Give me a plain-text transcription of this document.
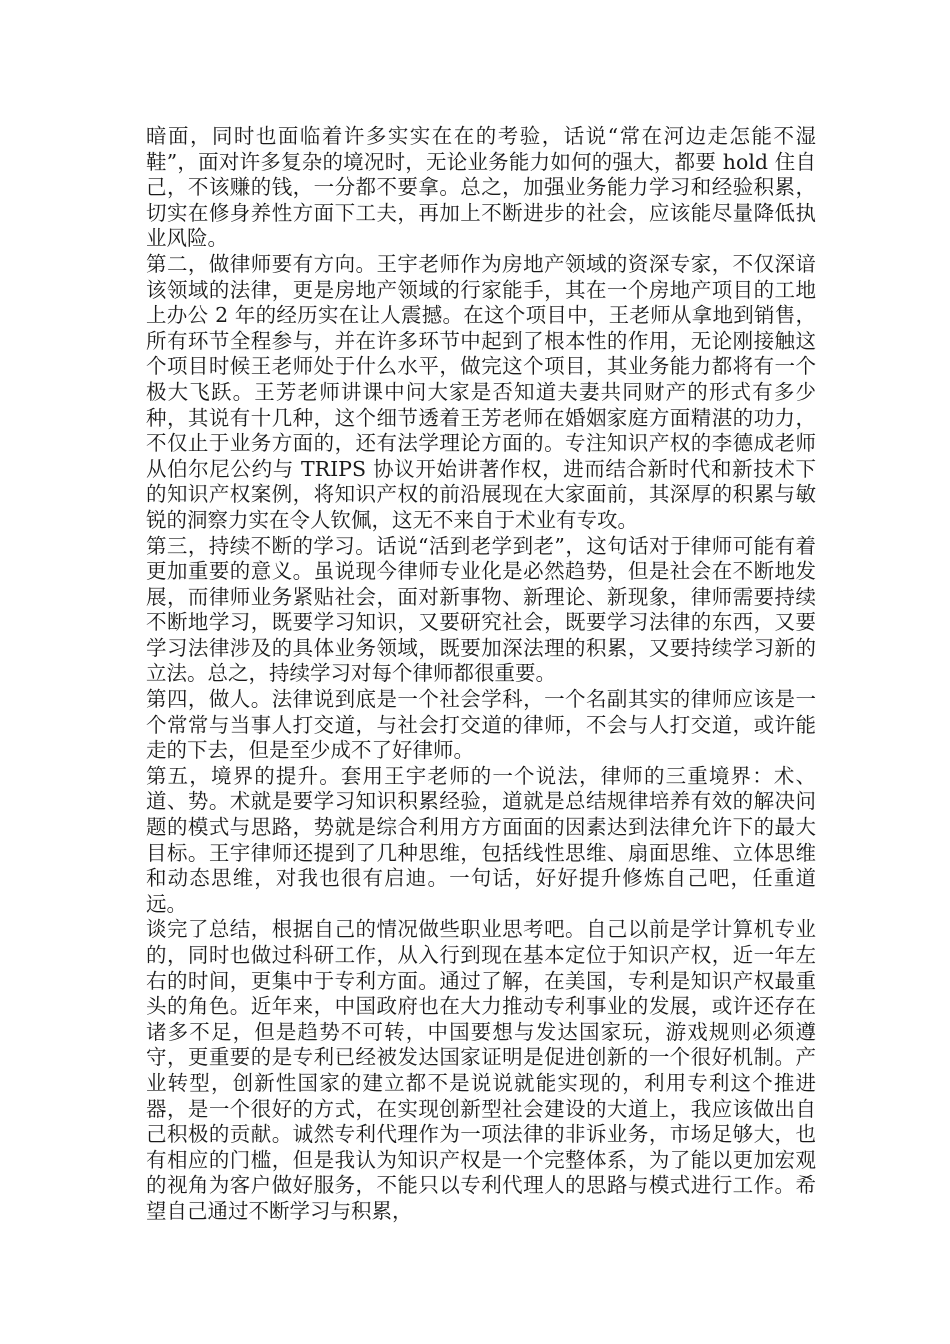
暗面，同时也面临着许多实实在在的考验，话说“常在河边走怎能不湿鞋”，面对许多复杂的境况时，无论业务能力如何的强大，都要 hold 住自己，不该赚的钱，一分都不要拿。总之，加强业务能力学习和经验积累，切实在修身养性方面下工夫，再加上不断进步的社会，应该能尽量降低执业风险。

第二，做律师要有方向。王宇老师作为房地产领域的资深专家，不仅深谙该领域的法律，更是房地产领域的行家能手，其在一个房地产项目的工地上办公 2 年的经历实在让人震撼。在这个项目中，王老师从拿地到销售，所有环节全程参与，并在许多环节中起到了根本性的作用，无论刚接触这个项目时候王老师处于什么水平，做完这个项目，其业务能力都将有一个极大飞跃。王芳老师讲课中问大家是否知道夫妻共同财产的形式有多少种，其说有十几种，这个细节透着王芳老师在婚姻家庭方面精湛的功力，不仅止于业务方面的，还有法学理论方面的。专注知识产权的李德成老师从伯尔尼公约与 TRIPS 协议开始讲著作权，进而结合新时代和新技术下的知识产权案例，将知识产权的前沿展现在大家面前，其深厚的积累与敏锐的洞察力实在令人钦佩，这无不来自于术业有专攻。

第三，持续不断的学习。话说“活到老学到老”，这句话对于律师可能有着更加重要的意义。虽说现今律师专业化是必然趋势，但是社会在不断地发展，而律师业务紧贴社会，面对新事物、新理论、新现象，律师需要持续不断地学习，既要学习知识，又要研究社会，既要学习法律的东西，又要学习法律涉及的具体业务领域，既要加深法理的积累，又要持续学习新的立法。总之，持续学习对每个律师都很重要。

第四，做人。法律说到底是一个社会学科，一个名副其实的律师应该是一个常常与当事人打交道，与社会打交道的律师，不会与人打交道，或许能走的下去，但是至少成不了好律师。

第五，境界的提升。套用王宇老师的一个说法，律师的三重境界：术、道、势。术就是要学习知识积累经验，道就是总结规律培养有效的解决问题的模式与思路，势就是综合利用方方面面的因素达到法律允许下的最大目标。王宇律师还提到了几种思维，包括线性思维、扇面思维、立体思维和动态思维，对我也很有启迪。一句话，好好提升修炼自己吧，任重道远。

谈完了总结，根据自己的情况做些职业思考吧。自己以前是学计算机专业的，同时也做过科研工作，从入行到现在基本定位于知识产权，近一年左右的时间，更集中于专利方面。通过了解，在美国，专利是知识产权最重头的角色。近年来，中国政府也在大力推动专利事业的发展，或许还存在诸多不足，但是趋势不可转，中国要想与发达国家玩，游戏规则必须遵守，更重要的是专利已经被发达国家证明是促进创新的一个很好机制。产业转型，创新性国家的建立都不是说说就能实现的，利用专利这个推进器，是一个很好的方式，在实现创新型社会建设的大道上，我应该做出自己积极的贡献。诚然专利代理作为一项法律的非诉业务，市场足够大，也有相应的门槛，但是我认为知识产权是一个完整体系，为了能以更加宏观的视角为客户做好服务，不能只以专利代理人的思路与模式进行工作。希望自己通过不断学习与积累，
